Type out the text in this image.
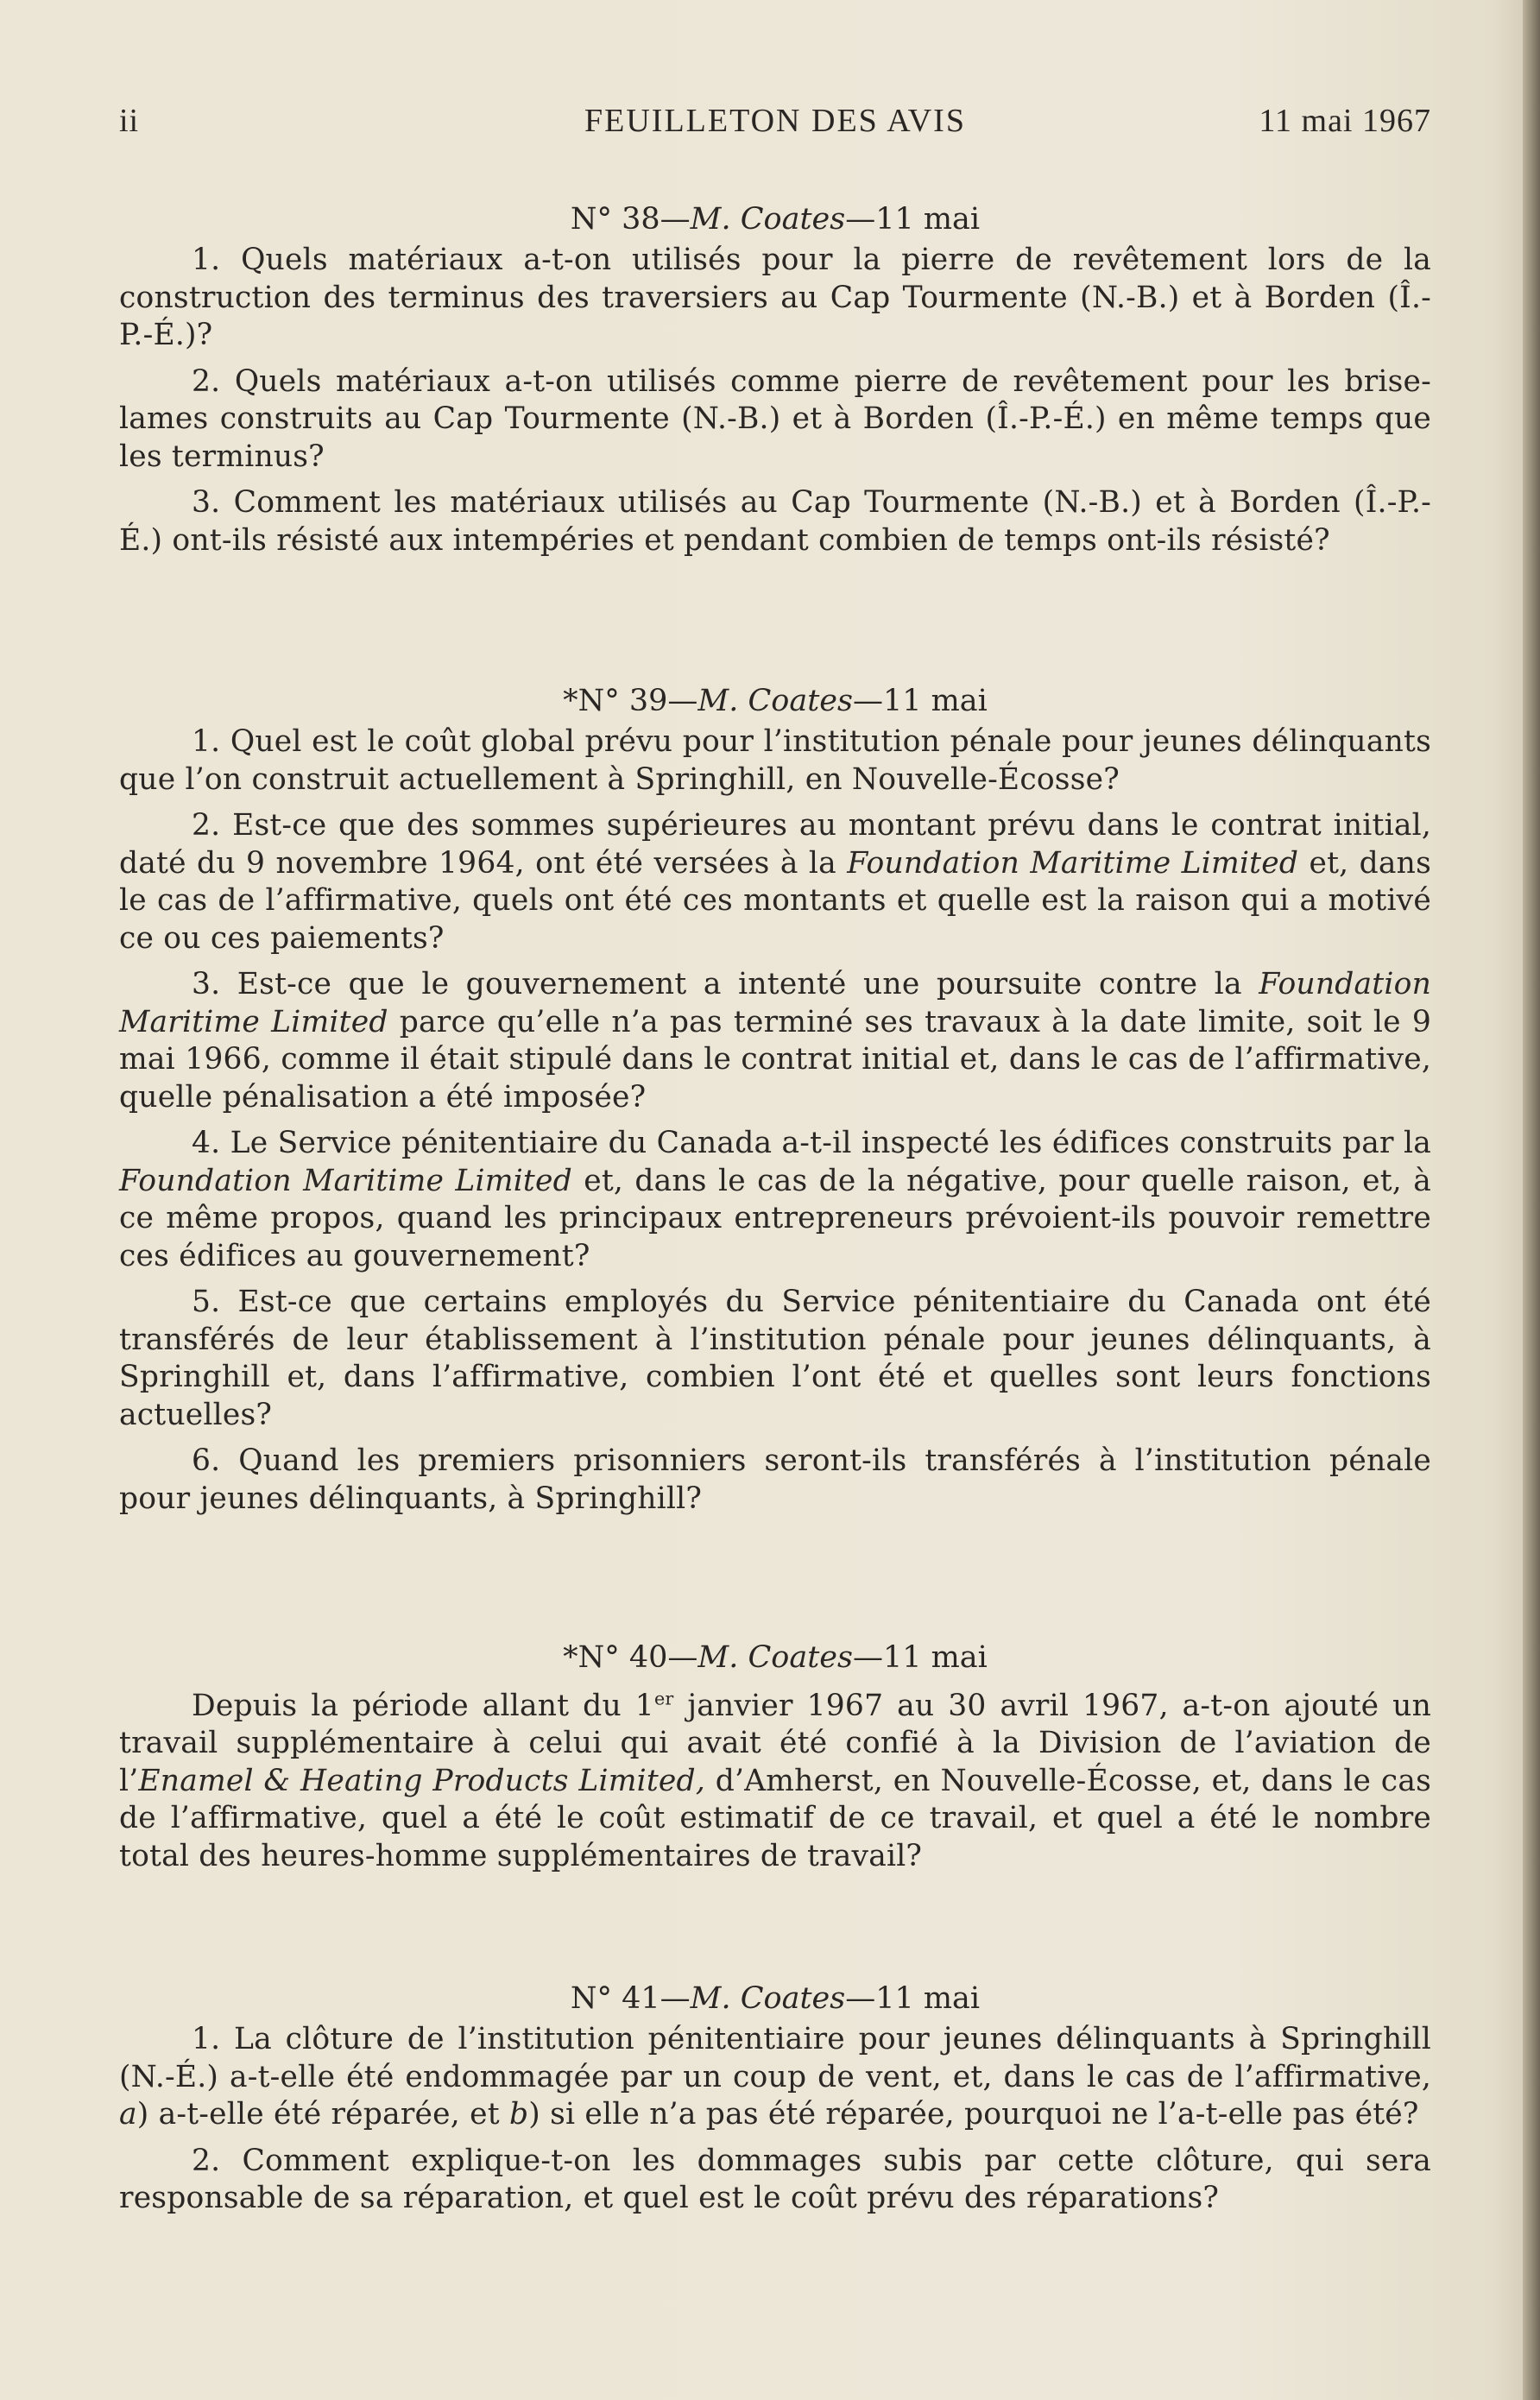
ii	FEUILLETON DES AVIS	11 mai 1967
N° 38—M. Coates—11 mai
1. Quels matériaux a-t-on utilisés pour la pierre de revêtement lors de la construction des terminus des traversiers au Cap Tourmente (N.-B.) et à Borden (Î.-P.-É.)?
2. Quels matériaux a-t-on utilisés comme pierre de revêtement pour les brise-lames construits au Cap Tourmente (N.-B.) et à Borden (Î.-P.-É.) en même temps que les terminus?
3. Comment les matériaux utilisés au Cap Tourmente (N.-B.) et à Borden (Î.-P.-É.) ont-ils résisté aux intempéries et pendant combien de temps ont-ils résisté?
*N° 39—M. Coates—11 mai
1. Quel est le coût global prévu pour l’institution pénale pour jeunes délinquants que l’on construit actuellement à Springhill, en Nouvelle-Écosse?
2. Est-ce que des sommes supérieures au montant prévu dans le contrat initial, daté du 9 novembre 1964, ont été versées à la Foundation Maritime Limited et, dans le cas de l’affirmative, quels ont été ces montants et quelle est la raison qui a motivé ce ou ces paiements?
3. Est-ce que le gouvernement a intenté une poursuite contre la Foundation Maritime Limited parce qu’elle n’a pas terminé ses travaux à la date limite, soit le 9 mai 1966, comme il était stipulé dans le contrat initial et, dans le cas de l’affirmative, quelle pénalisation a été imposée?
4. Le Service pénitentiaire du Canada a-t-il inspecté les édifices construits par la Foundation Maritime Limited et, dans le cas de la négative, pour quelle raison, et, à ce même propos, quand les principaux entrepreneurs prévoient-ils pouvoir remettre ces édifices au gouvernement?
5. Est-ce que certains employés du Service pénitentiaire du Canada ont été transférés de leur établissement à l’institution pénale pour jeunes délinquants, à Springhill et, dans l’affirmative, combien l’ont été et quelles sont leurs fonctions actuelles?
6. Quand les premiers prisonniers seront-ils transférés à l’institution pénale pour jeunes délinquants, à Springhill?
*N° 40—M. Coates—11 mai
Depuis la période allant du 1er janvier 1967 au 30 avril 1967, a-t-on ajouté un travail supplémentaire à celui qui avait été confié à la Division de l’aviation de l’Enamel & Heating Products Limited, d’Amherst, en Nouvelle-Écosse, et, dans le cas de l’affirmative, quel a été le coût estimatif de ce travail, et quel a été le nombre total des heures-homme supplémentaires de travail?
N° 41—M. Coates—11 mai
1. La clôture de l’institution pénitentiaire pour jeunes délinquants à Springhill (N.-É.) a-t-elle été endommagée par un coup de vent, et, dans le cas de l’affirmative, a) a-t-elle été réparée, et b) si elle n’a pas été réparée, pourquoi ne l’a-t-elle pas été?
2. Comment explique-t-on les dommages subis par cette clôture, qui sera responsable de sa réparation, et quel est le coût prévu des réparations?
